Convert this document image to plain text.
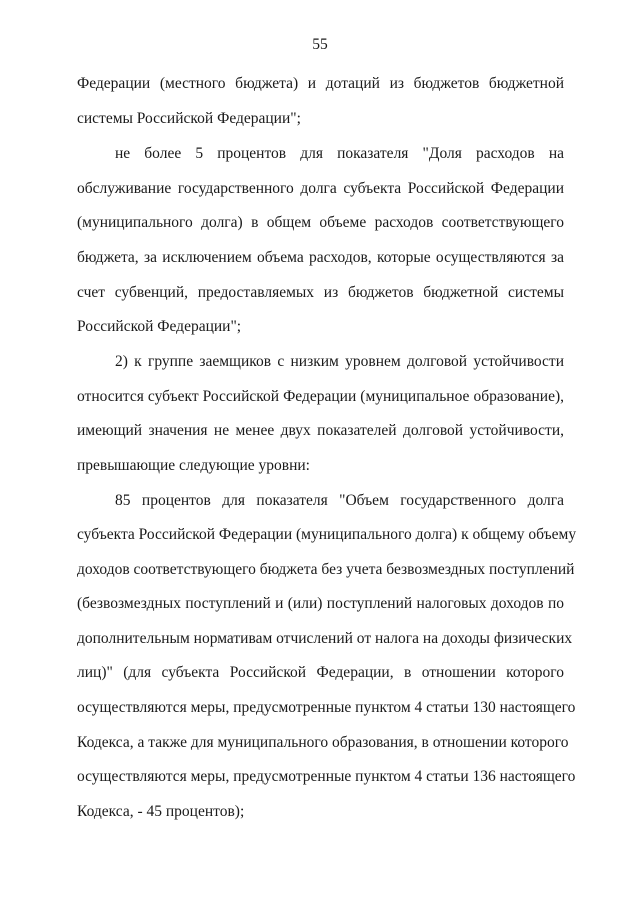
55
Федерации (местного бюджета) и дотаций из бюджетов бюджетной
системы Российской Федерации";
не более 5 процентов для показателя "Доля расходов на
обслуживание государственного долга субъекта Российской Федерации
(муниципального долга) в общем объеме расходов соответствующего
бюджета, за исключением объема расходов, которые осуществляются за
счет субвенций, предоставляемых из бюджетов бюджетной системы
Российской Федерации";
2) к группе заемщиков с низким уровнем долговой устойчивости
относится субъект Российской Федерации (муниципальное образование),
имеющий значения не менее двух показателей долговой устойчивости,
превышающие следующие уровни:
85 процентов для показателя "Объем государственного долга
субъекта Российской Федерации (муниципального долга) к общему объему
доходов соответствующего бюджета без учета безвозмездных поступлений
(безвозмездных поступлений и (или) поступлений налоговых доходов по
дополнительным нормативам отчислений от налога на доходы физических
лиц)" (для субъекта Российской Федерации, в отношении которого
осуществляются меры, предусмотренные пунктом 4 статьи 130 настоящего
Кодекса, а также для муниципального образования, в отношении которого
осуществляются меры, предусмотренные пунктом 4 статьи 136 настоящего
Кодекса, - 45 процентов);
